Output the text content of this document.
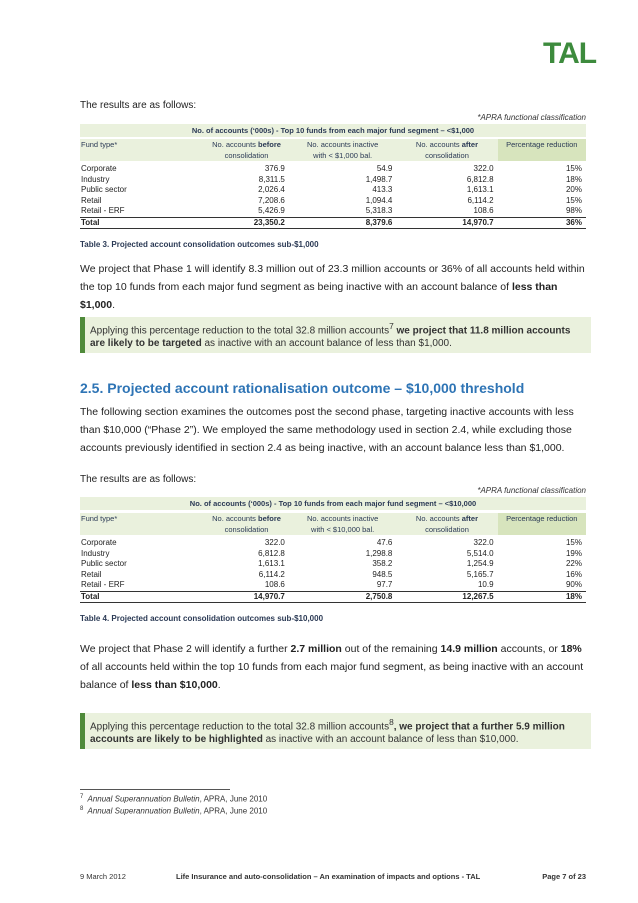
TAL
The results are as follows:
*APRA functional classification
No. of accounts (‘000s) - Top 10 funds from each major fund segment – <$1,000
Fund type*	No. accounts before	No. accounts inactive	No. accounts after	Percentage reduction
	consolidation	with < $1,000 bal.	consolidation	
Corporate	376.9	54.9	322.0	15%
Industry	8,311.5	1,498.7	6,812.8	18%
Public sector	2,026.4	413.3	1,613.1	20%
Retail	7,208.6	1,094.4	6,114.2	15%
Retail - ERF	5,426.9	5,318.3	108.6	98%
Total	23,350.2	8,379.6	14,970.7	36%
Table 3. Projected account consolidation outcomes sub-$1,000
We project that Phase 1 will identify 8.3 million out of 23.3 million accounts or 36% of all accounts held within the top 10 funds from each major fund segment as being inactive with an account balance of less than $1,000.
Applying this percentage reduction to the total 32.8 million accounts$^7$ we project that 11.8 million accounts are likely to be targeted as inactive with an account balance of less than $1,000.
2.5. Projected account rationalisation outcome – $10,000 threshold
The following section examines the outcomes post the second phase, targeting inactive accounts with less than $10,000 (“Phase 2”). We employed the same methodology used in section 2.4, while excluding those accounts previously identified in section 2.4 as being inactive, with an account balance less than $1,000.
The results are as follows:
*APRA functional classification
No. of accounts (‘000s) - Top 10 funds from each major fund segment – <$10,000
Fund type*	No. accounts before	No. accounts inactive	No. accounts after	Percentage reduction
	consolidation	with < $10,000 bal.	consolidation	
Corporate	322.0	47.6	322.0	15%
Industry	6,812.8	1,298.8	5,514.0	19%
Public sector	1,613.1	358.2	1,254.9	22%
Retail	6,114.2	948.5	5,165.7	16%
Retail - ERF	108.6	97.7	10.9	90%
Total	14,970.7	2,750.8	12,267.5	18%
Table 4. Projected account consolidation outcomes sub-$10,000
We project that Phase 2 will identify a further 2.7 million out of the remaining 14.9 million accounts, or 18% of all accounts held within the top 10 funds from each major fund segment, as being inactive with an account balance of less than $10,000.
Applying this percentage reduction to the total 32.8 million accounts$^8$, we project that a further 5.9 million accounts are likely to be highlighted as inactive with an account balance of less than $10,000.
$^7$ Annual Superannuation Bulletin, APRA, June 2010
$^8$ Annual Superannuation Bulletin, APRA, June 2010
9 March 2012	Life Insurance and auto-consolidation – An examination of impacts and options - TAL	Page 7 of 23
